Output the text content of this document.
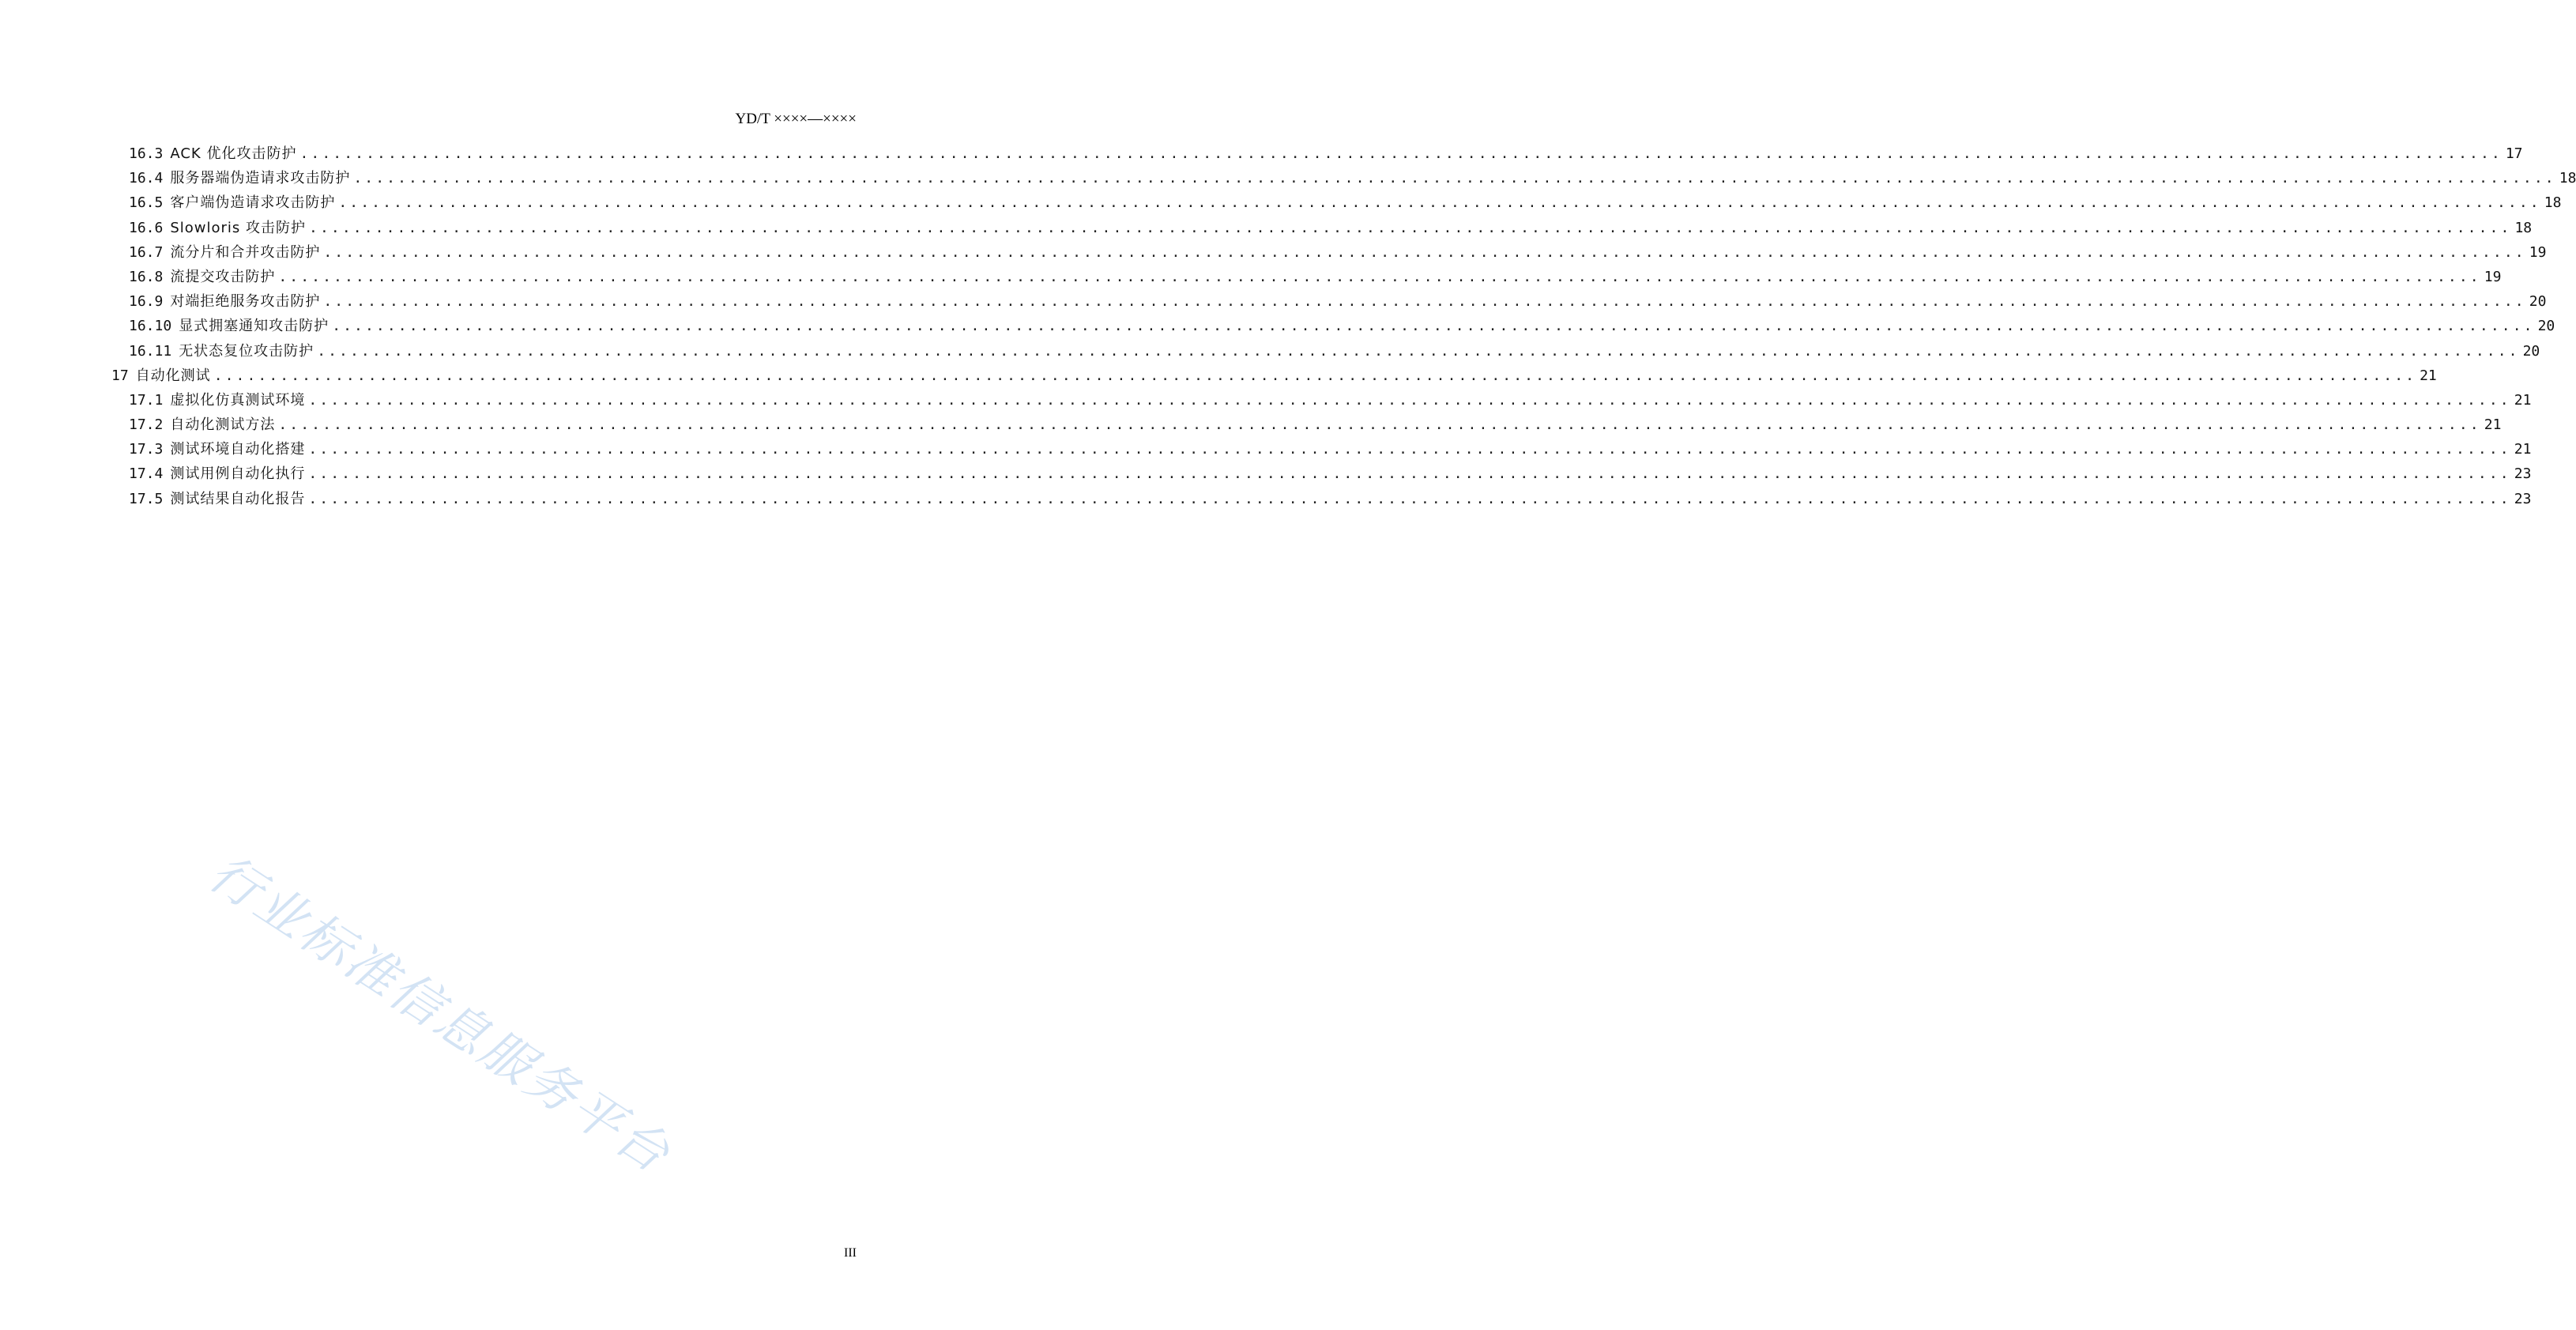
YD/T ××××—××××
16.3 ACK 优化攻击防护 ........................................................................................................................................................................................................ 17
16.4 服务器端伪造请求攻击防护 ........................................................................................................................................................................................................ 18
16.5 客户端伪造请求攻击防护 ........................................................................................................................................................................................................ 18
16.6 Slowloris 攻击防护 ........................................................................................................................................................................................................ 18
16.7 流分片和合并攻击防护 ........................................................................................................................................................................................................ 19
16.8 流提交攻击防护 ........................................................................................................................................................................................................ 19
16.9 对端拒绝服务攻击防护 ........................................................................................................................................................................................................ 20
16.10 显式拥塞通知攻击防护 ........................................................................................................................................................................................................ 20
16.11 无状态复位攻击防护 ........................................................................................................................................................................................................ 20
17 自动化测试 ........................................................................................................................................................................................................ 21
17.1 虚拟化仿真测试环境 ........................................................................................................................................................................................................ 21
17.2 自动化测试方法 ........................................................................................................................................................................................................ 21
17.3 测试环境自动化搭建 ........................................................................................................................................................................................................ 21
17.4 测试用例自动化执行 ........................................................................................................................................................................................................ 23
17.5 测试结果自动化报告 ........................................................................................................................................................................................................ 23
行业标准信息服务平台
III
